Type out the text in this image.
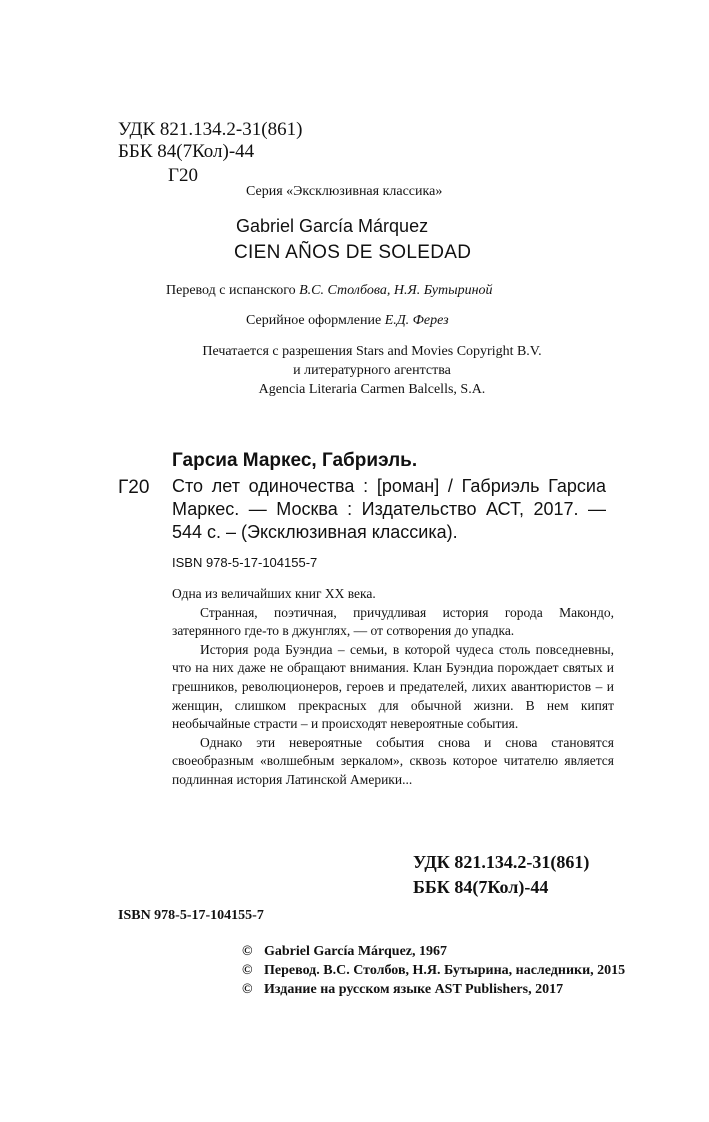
УДК 821.134.2-31(861)
ББК 84(7Кол)-44
Г20
Серия «Эксклюзивная классика»
Gabriel García Márquez
CIEN AÑOS DE SOLEDAD
Перевод с испанского В.С. Столбова, Н.Я. Бутыриной
Серийное оформление Е.Д. Ферез
Печатается с разрешения Stars and Movies Copyright B.V.
и литературного агентства
Agencia Literaria Carmen Balcells, S.A.
Гарсиа Маркес, Габриэль.
Г20 Сто лет одиночества : [роман] / Габриэль Гарсиа Маркес. — Москва : Издательство АСТ, 2017. — 544 с. – (Эксклюзивная классика).
ISBN 978-5-17-104155-7

Одна из величайших книг XX века.

Странная, поэтичная, причудливая история города Макондо, затерянного где-то в джунглях, — от сотворения до упадка.

История рода Буэндиа – семьи, в которой чудеса столь повседневны, что на них даже не обращают внимания. Клан Буэндиа порождает святых и грешников, революционеров, героев и предателей, лихих авантюристов – и женщин, слишком прекрасных для обычной жизни. В нем кипят необычайные страсти – и происходят невероятные события.

Однако эти невероятные события снова и снова становятся своеобразным «волшебным зеркалом», сквозь которое читателю является подлинная история Латинской Америки...

УДК 821.134.2-31(861)
ББК 84(7Кол)-44
ISBN 978-5-17-104155-7
© Gabriel García Márquez, 1967
© Перевод. В.С. Столбов, Н.Я. Бутырина, наследники, 2015
© Издание на русском языке AST Publishers, 2017
